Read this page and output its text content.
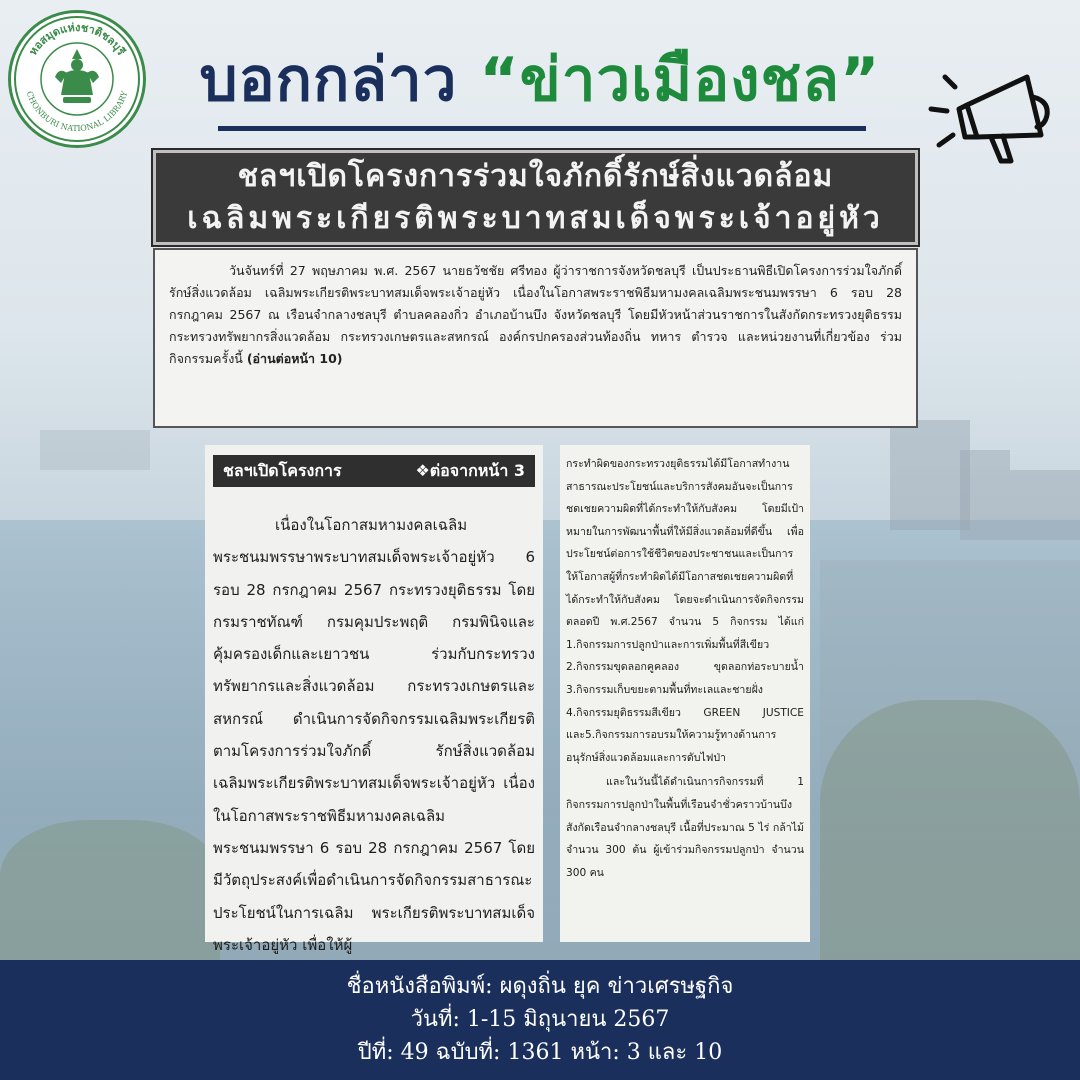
หอสมุดแห่งชาติชลบุรี
CHONBURI NATIONAL LIBRARY	บอกกล่าว “ข่าวเมืองชล”
ชลฯเปิดโครงการร่วมใจภักดิ์รักษ์สิ่งแวดล้อม
เฉลิมพระเกียรติพระบาทสมเด็จพระเจ้าอยู่หัว

วันจันทร์ที่ 27 พฤษภาคม พ.ศ. 2567 นายธวัชชัย ศรีทอง ผู้ว่าราชการจังหวัดชลบุรี เป็นประธานพิธีเปิดโครงการร่วมใจภักดิ์ รักษ์สิ่งแวดล้อม เฉลิมพระเกียรติพระบาทสมเด็จพระเจ้าอยู่หัว เนื่องในโอกาสพระราชพิธีมหามงคลเฉลิมพระชนมพรรษา 6 รอบ 28 กรกฎาคม 2567 ณ เรือนจำกลางชลบุรี ตำบลคลองกิ่ว อำเภอบ้านบึง จังหวัดชลบุรี โดยมีหัวหน้าส่วนราชการในสังกัดกระทรวงยุติธรรม กระทรวงทรัพยากรสิ่งแวดล้อม กระทรวงเกษตรและสหกรณ์ องค์กรปกครองส่วนท้องถิ่น ทหาร ตำรวจ และหน่วยงานที่เกี่ยวข้อง ร่วมกิจกรรมครั้งนี้ (อ่านต่อหน้า 10)

ชลฯเปิดโครงการ	❖ต่อจากหน้า 3
เนื่องในโอกาสมหามงคลเฉลิมพระชนมพรรษาพระบาทสมเด็จพระเจ้าอยู่หัว 6 รอบ 28 กรกฎาคม 2567 กระทรวงยุติธรรม โดยกรมราชทัณฑ์ กรมคุมประพฤติ กรมพินิจและคุ้มครองเด็กและเยาวชน ร่วมกับกระทรวงทรัพยากรและสิ่งแวดล้อม กระทรวงเกษตรและสหกรณ์ ดำเนินการจัดกิจกรรมเฉลิมพระเกียรติ ตามโครงการร่วมใจภักดิ์ รักษ์สิ่งแวดล้อม เฉลิมพระเกียรติพระบาทสมเด็จพระเจ้าอยู่หัว เนื่องในโอกาสพระราชพิธีมหามงคลเฉลิมพระชนมพรรษา 6 รอบ 28 กรกฎาคม 2567 โดยมีวัตถุประสงค์เพื่อดำเนินการจัดกิจกรรมสาธารณะประโยชน์ในการเฉลิม พระเกียรติพระบาทสมเด็จพระเจ้าอยู่หัว เพื่อให้ผู้

กระทำผิดของกระทรวงยุติธรรมได้มีโอกาสทำงานสาธารณะประโยชน์และบริการสังคมอันจะเป็นการชดเชยความผิดที่ได้กระทำให้กับสังคม โดยมีเป้าหมายในการพัฒนาพื้นที่ให้มีสิ่งแวดล้อมที่ดีขึ้น เพื่อประโยชน์ต่อการใช้ชีวิตของประชาชนและเป็นการให้โอกาสผู้ที่กระทำผิดได้มีโอกาสชดเชยความผิดที่ได้กระทำให้กับสังคม โดยจะดำเนินการจัดกิจกรรมตลอดปี พ.ศ.2567 จำนวน 5 กิจกรรม ได้แก่ 1.กิจกรรมการปลูกป่าและการเพิ่มพื้นที่สีเขียว 2.กิจกรรมขุดลอกคูคลอง ขุดลอกท่อระบายน้ำ 3.กิจกรรมเก็บขยะตามพื้นที่ทะเลและชายฝั่ง 4.กิจกรรมยุติธรรมสีเขียว GREEN JUSTICE และ5.กิจกรรมการอบรมให้ความรู้ทางด้านการอนุรักษ์สิ่งแวดล้อมและการดับไฟป่า

และในวันนี้ได้ดำเนินการกิจกรรมที่ 1 กิจกรรมการปลูกป่าในพื้นที่เรือนจำชั่วคราวบ้านบึง สังกัดเรือนจำกลางชลบุรี เนื้อที่ประมาณ 5 ไร่ กล้าไม้ จำนวน 300 ต้น ผู้เข้าร่วมกิจกรรมปลูกป่า จำนวน 300 คน

ชื่อหนังสือพิมพ์: ผดุงถิ่น ยุค ข่าวเศรษฐกิจ
วันที่: 1-15 มิถุนายน 2567
ปีที่: 49 ฉบับที่: 1361 หน้า: 3 และ 10
